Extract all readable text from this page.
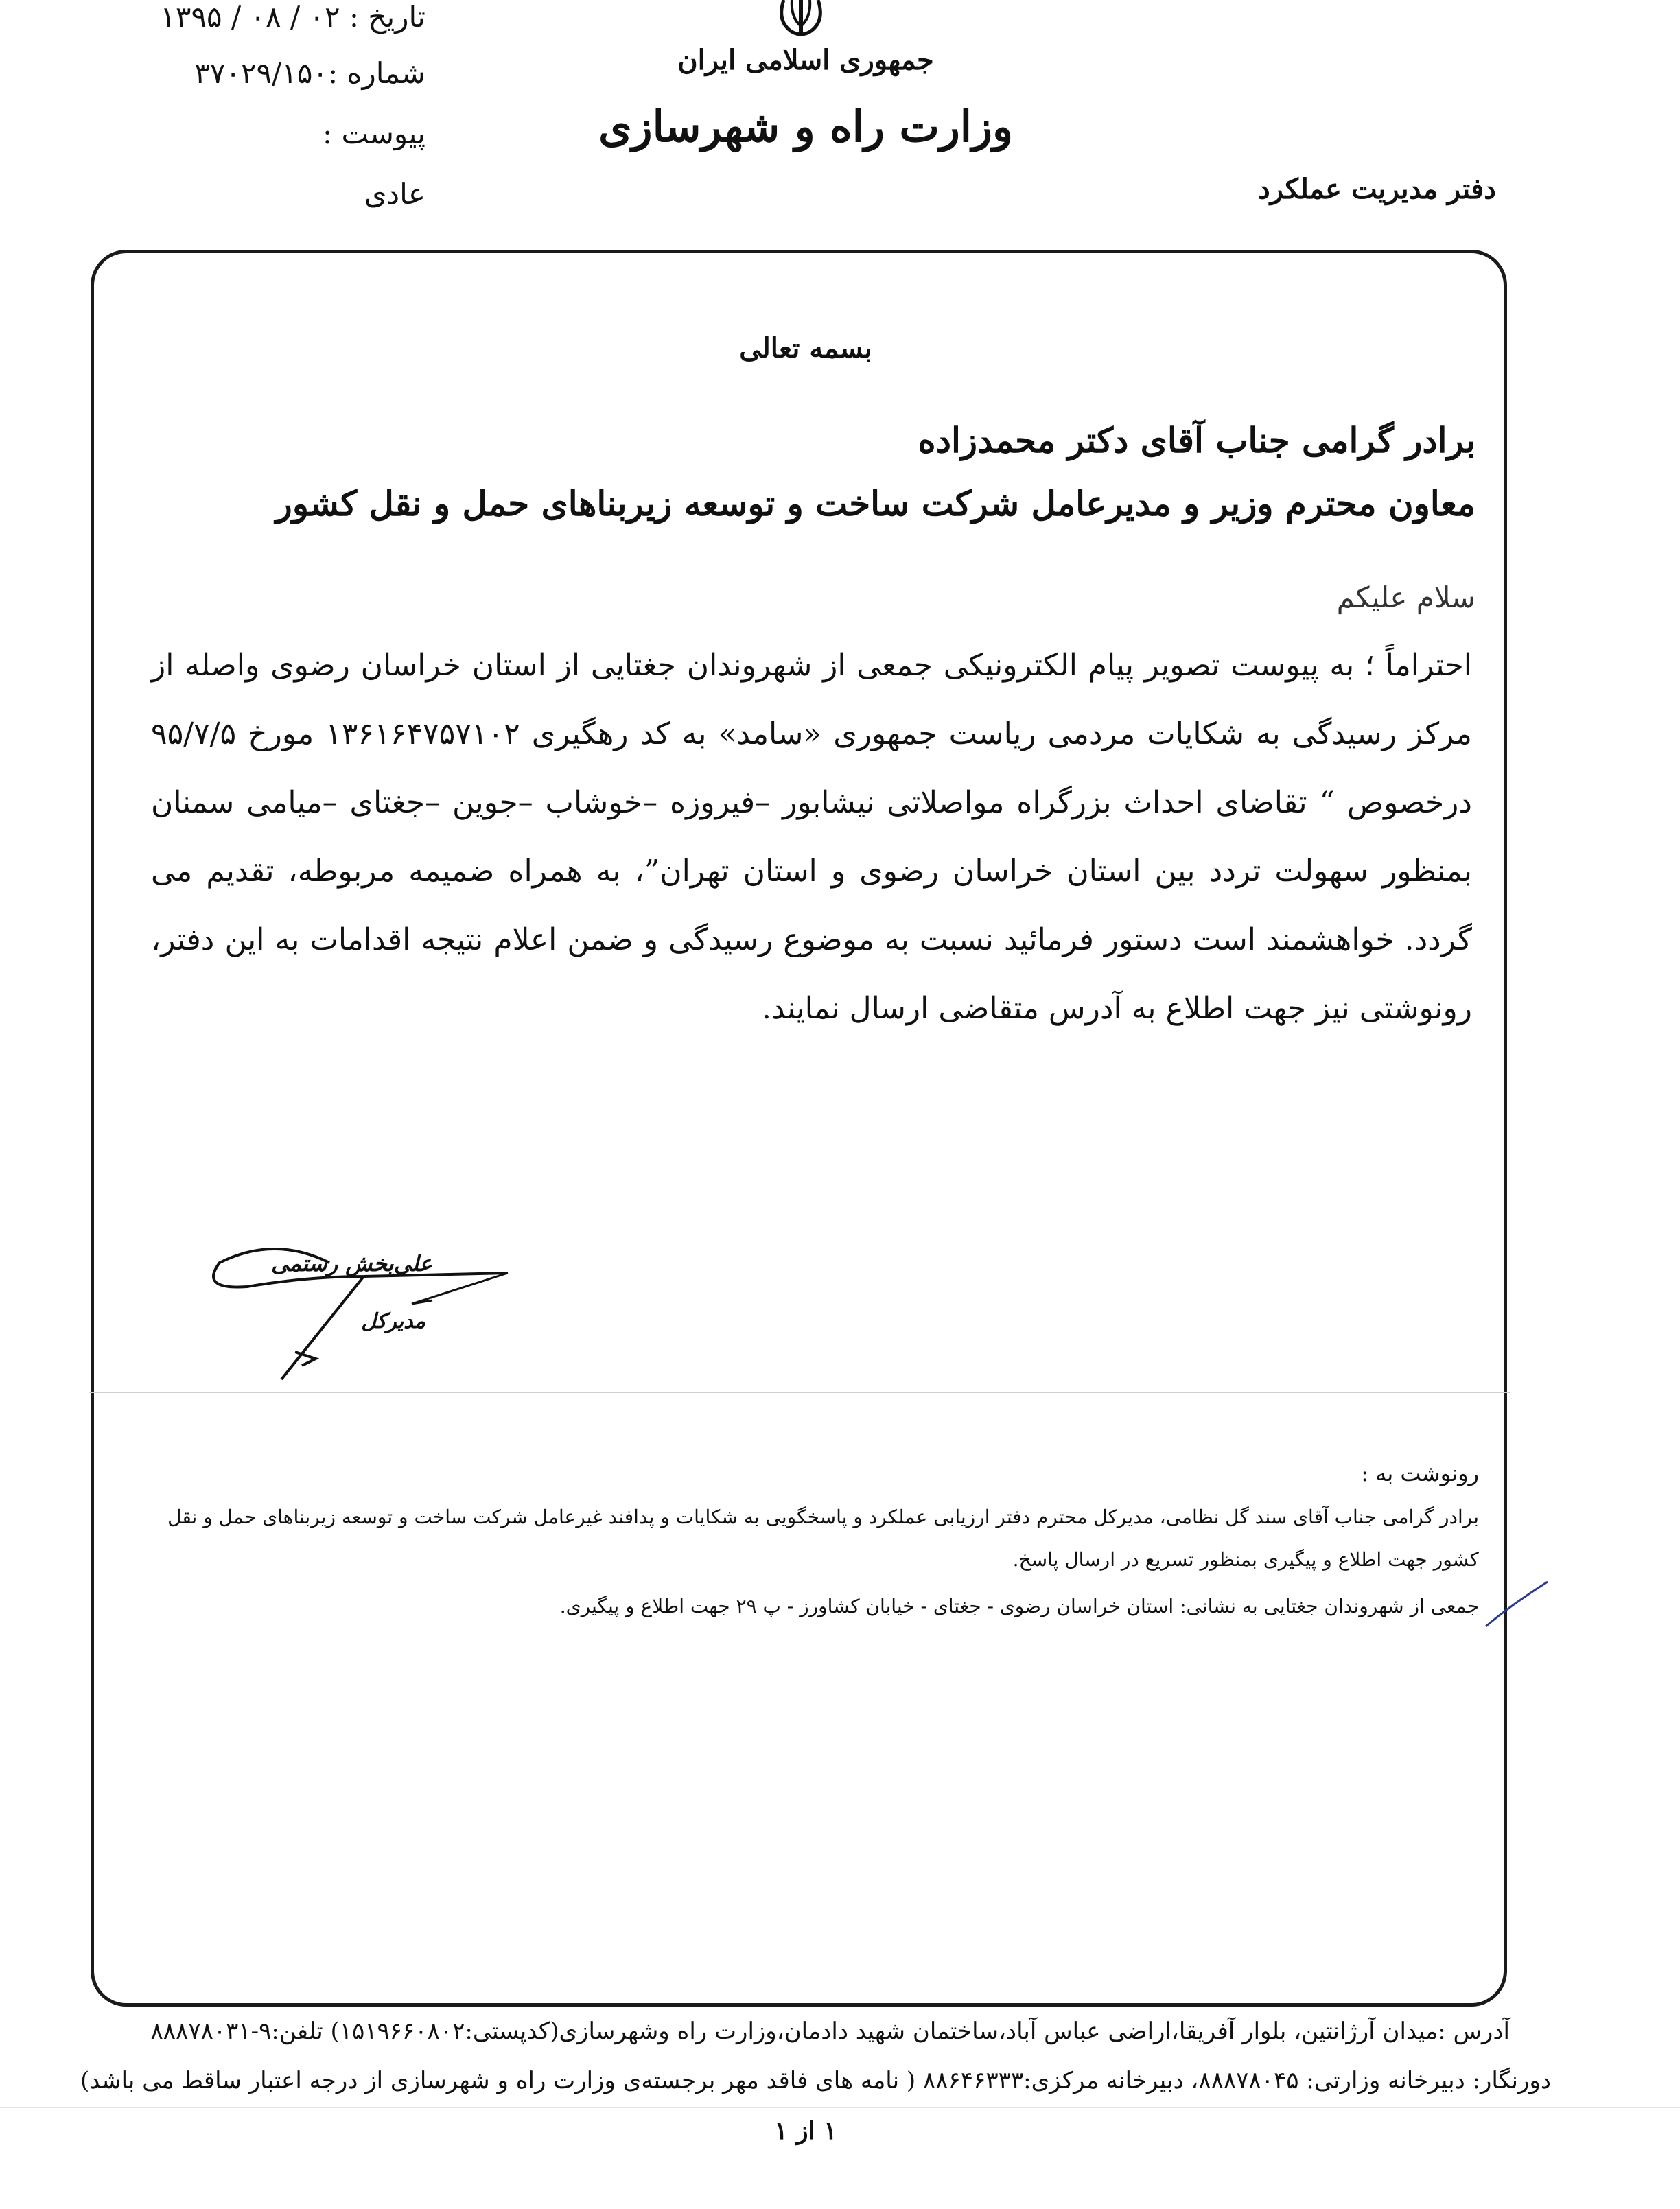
جمهوری اسلامی ایران
وزارت راه و شهرسازی
تاریخ : ۰۲ / ۰۸ / ۱۳۹۵
شماره :۳۷۰۲۹/۱۵۰
پیوست :
عادی	دفتر مدیریت عملکرد
بسمه تعالی
برادر گرامی جناب آقای دکتر محمدزاده
معاون محترم وزیر و مدیرعامل شرکت ساخت و توسعه زیربناهای حمل و نقل کشور
سلام علیکم
احتراماً ؛ به پیوست تصویر پیام الکترونیکی جمعی از شهروندان جغتایی از استان خراسان رضوی واصله از مرکز رسیدگی به شکایات مردمی ریاست جمهوری «سامد» به کد رهگیری ۱۳۶۱۶۴۷۵۷۱۰۲ مورخ ۹۵/۷/۵ درخصوص “ تقاضای احداث بزرگراه مواصلاتی نیشابور –فیروزه –خوشاب –جوین –جغتای –میامی سمنان بمنظور سهولت تردد بین استان خراسان رضوی و استان تهران”، به همراه ضمیمه مربوطه، تقدیم می گردد. خواهشمند است دستور فرمائید نسبت به موضوع رسیدگی و ضمن اعلام نتیجه اقدامات به این دفتر، رونوشتی نیز جهت اطلاع به آدرس متقاضی ارسال نمایند.
علی‌بخش رستمی
مدیرکل
رونوشت به :
برادر گرامی جناب آقای سند گل نظامی، مدیرکل محترم دفتر ارزیابی عملکرد و پاسخگویی به شکایات و پدافند غیرعامل شرکت ساخت و توسعه زیربناهای حمل و نقل کشور جهت اطلاع و پیگیری بمنظور تسریع در ارسال پاسخ.
جمعی از شهروندان جغتایی به نشانی: استان خراسان رضوی - جغتای - خیابان کشاورز - پ ۲۹ جهت اطلاع و پیگیری.
آدرس :میدان آرژانتین، بلوار آفریقا،اراضی عباس آباد،ساختمان شهید دادمان،وزارت راه وشهرسازی(کدپستی:۱۵۱۹۶۶۰۸۰۲) تلفن:۹-۸۸۸۷۸۰۳۱
دورنگار: دبیرخانه وزارتی: ۸۸۸۷۸۰۴۵، دبیرخانه مرکزی:۸۸۶۴۶۳۳۳ ( نامه های فاقد مهر برجسته‌ی وزارت راه و شهرسازی از درجه اعتبار ساقط می باشد)
۱ از ۱
